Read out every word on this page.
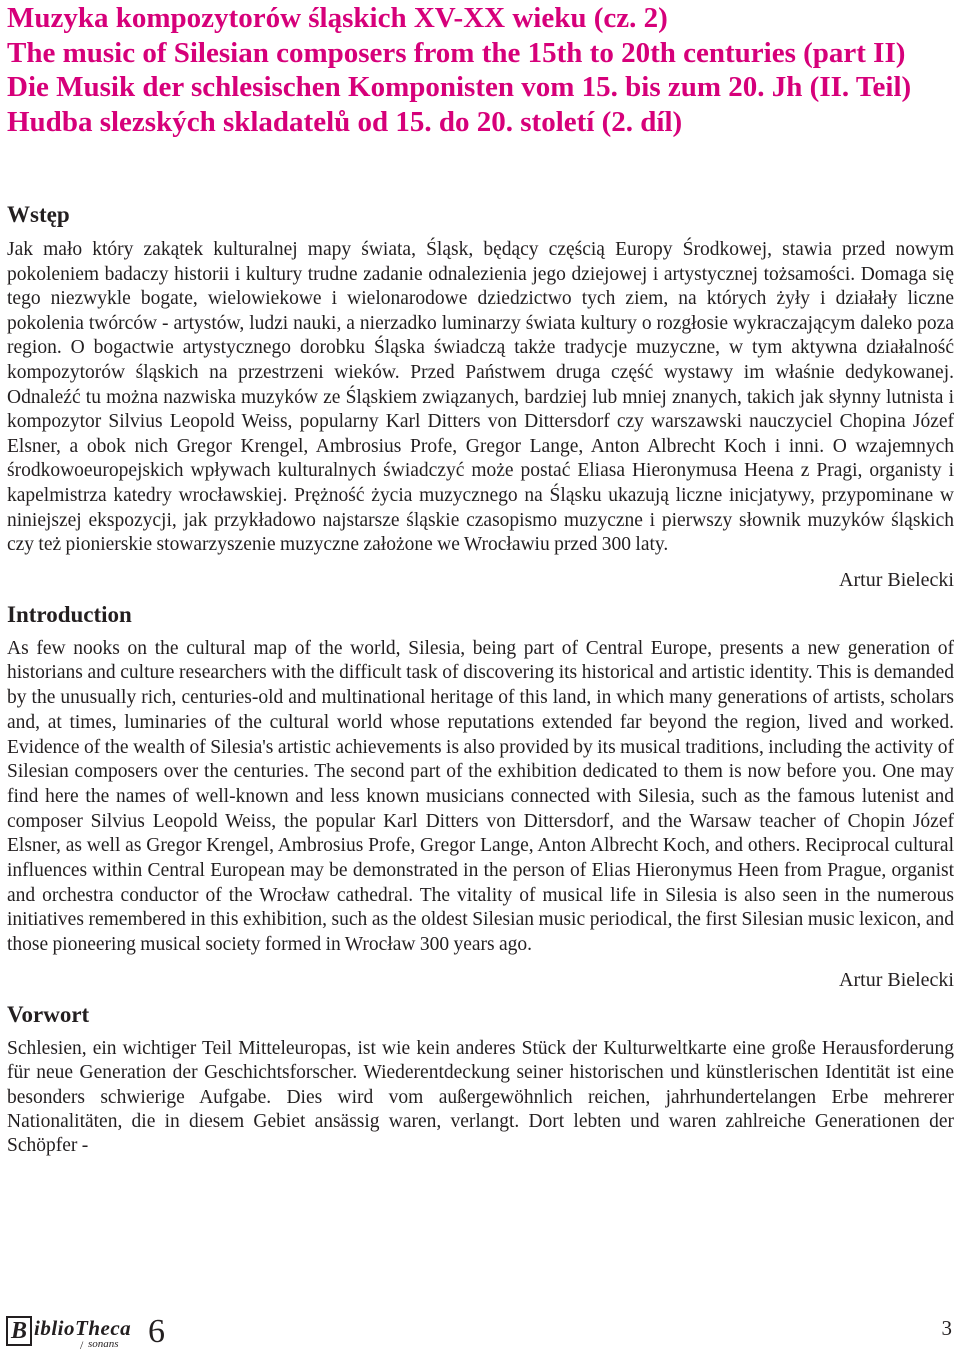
Muzyka kompozytorów śląskich XV-XX wieku (cz. 2)
The music of Silesian composers from the 15th to 20th centuries (part II)
Die Musik der schlesischen Komponisten vom 15. bis zum 20. Jh (II. Teil)
Hudba slezských skladatelů od 15. do 20. století (2. díl)
Wstęp
Jak mało który zakątek kulturalnej mapy świata, Śląsk, będący częścią Europy Środkowej, stawia przed nowym pokoleniem badaczy historii i kultury trudne zadanie odnalezienia jego dziejowej i artystycznej tożsamości. Domaga się tego niezwykle bogate, wielowiekowe i wielonarodowe dziedzictwo tych ziem, na których żyły i działały liczne pokolenia twórców - artystów, ludzi nauki, a nierzadko luminarzy świata kultury o rozgłosie wykraczającym daleko poza region. O bogactwie artystycznego dorobku Śląska świadczą także tradycje muzyczne, w tym aktywna działalność kompozytorów śląskich na przestrzeni wieków. Przed Państwem druga część wystawy im właśnie dedykowanej. Odnaleźć tu można nazwiska muzyków ze Śląskiem związanych, bardziej lub mniej znanych, takich jak słynny lutnista i kompozytor Silvius Leopold Weiss, popularny Karl Ditters von Dittersdorf czy warszawski nauczyciel Chopina Józef Elsner, a obok nich Gregor Krengel, Ambrosius Profe, Gregor Lange, Anton Albrecht Koch i inni. O wzajemnych środkowoeuropejskich wpływach kulturalnych świadczyć może postać Eliasa Hieronymusa Heena z Pragi, organisty i kapelmistrza katedry wrocławskiej. Prężność życia muzycznego na Śląsku ukazują liczne inicjatywy, przypominane w niniejszej ekspozycji, jak przykładowo najstarsze śląskie czasopismo muzyczne i pierwszy słownik muzyków śląskich czy też pionierskie stowarzyszenie muzyczne założone we Wrocławiu przed 300 laty.
Artur Bielecki
Introduction
As few nooks on the cultural map of the world, Silesia, being part of Central Europe, presents a new generation of historians and culture researchers with the difficult task of discovering its historical and artistic identity. This is demanded by the unusually rich, centuries-old and multinational heritage of this land, in which many generations of artists, scholars and, at times, luminaries of the cultural world whose reputations extended far beyond the region, lived and worked. Evidence of the wealth of Silesia's artistic achievements is also provided by its musical traditions, including the activity of Silesian composers over the centuries. The second part of the exhibition dedicated to them is now before you. One may find here the names of well-known and less known musicians connected with Silesia, such as the famous lutenist and composer Silvius Leopold Weiss, the popular Karl Ditters von Dittersdorf, and the Warsaw teacher of Chopin Józef Elsner, as well as Gregor Krengel, Ambrosius Profe, Gregor Lange, Anton Albrecht Koch, and others. Reciprocal cultural influences within Central European may be demonstrated in the person of Elias Hieronymus Heen from Prague, organist and orchestra conductor of the Wrocław cathedral. The vitality of musical life in Silesia is also seen in the numerous initiatives remembered in this exhibition, such as the oldest Silesian music periodical, the first Silesian music lexicon, and those pioneering musical society formed in Wrocław 300 years ago.
Artur Bielecki
Vorwort
Schlesien, ein wichtiger Teil Mitteleuropas, ist wie kein anderes Stück der Kulturweltkarte eine große Herausforderung für neue Generation der Geschichtsforscher. Wiederentdeckung seiner historischen und künstlerischen Identität ist eine besonders schwierige Aufgabe. Dies wird vom außergewöhnlich reichen, jahrhundertelangen Erbe mehrerer Nationalitäten, die in diesem Gebiet ansässig waren, verlangt. Dort lebten und waren zahlreiche Generationen der Schöpfer -
B iblioTheca
/ sonans 6	3
